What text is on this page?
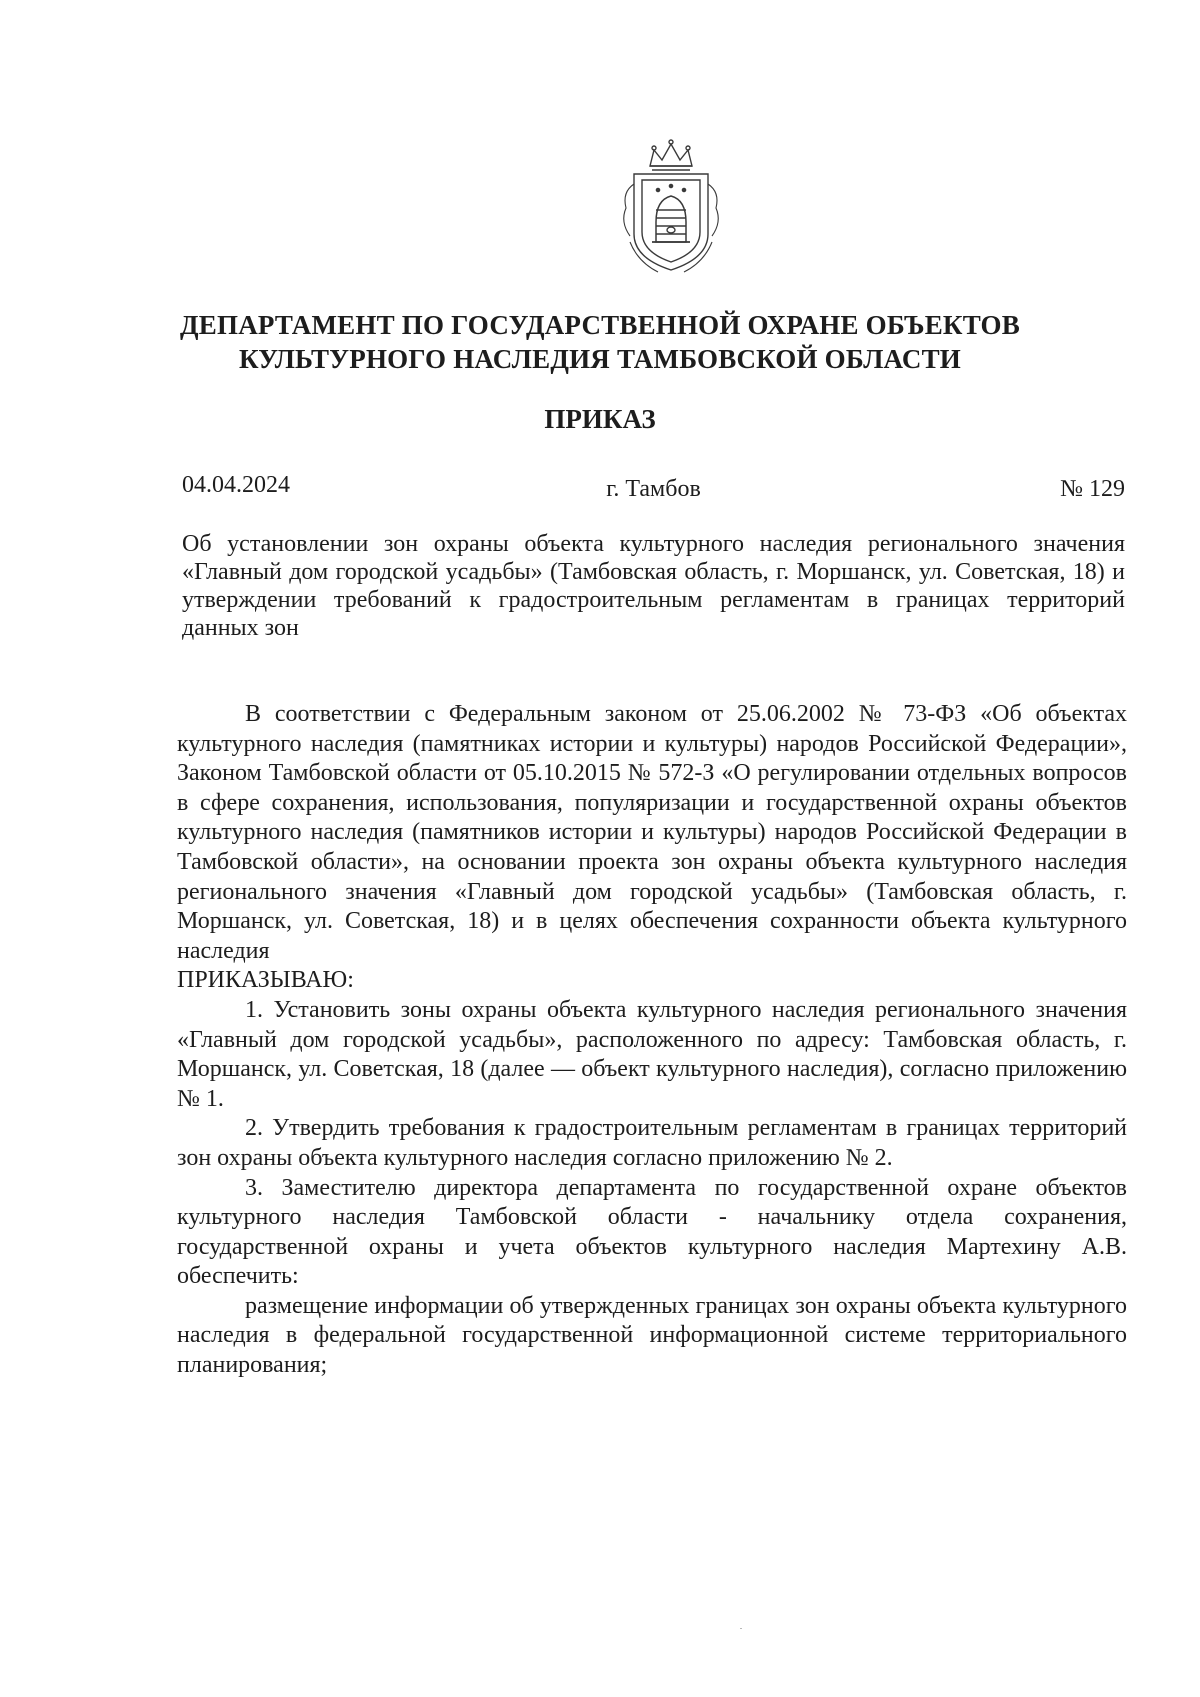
ДЕПАРТАМЕНТ ПО ГОСУДАРСТВЕННОЙ ОХРАНЕ ОБЪЕКТОВ
КУЛЬТУРНОГО НАСЛЕДИЯ ТАМБОВСКОЙ ОБЛАСТИ
ПРИКАЗ
г. Тамбов
04.04.2024	№ 129
Об установлении зон охраны объекта культурного наследия регионального значения «Главный дом городской усадьбы» (Тамбовская область, г. Моршанск, ул. Советская, 18) и утверждении требований к градостроительным регламентам в границах территорий данных зон

В соответствии с Федеральным законом от 25.06.2002 № 73-ФЗ «Об объектах культурного наследия (памятниках истории и культуры) народов Российской Федерации», Законом Тамбовской области от 05.10.2015 № 572-З «О регулировании отдельных вопросов в сфере сохранения, использования, популяризации и государственной охраны объектов культурного наследия (памятников истории и культуры) народов Российской Федерации в Тамбовской области», на основании проекта зон охраны объекта культурного наследия регионального значения «Главный дом городской усадьбы» (Тамбовская область, г. Моршанск, ул. Советская, 18) и в целях обеспечения сохранности объекта культурного наследия

ПРИКАЗЫВАЮ:

1. Установить зоны охраны объекта культурного наследия регионального значения «Главный дом городской усадьбы», расположенного по адресу: Тамбовская область, г. Моршанск, ул. Советская, 18 (далее — объект культурного наследия), согласно приложению № 1.

2. Утвердить требования к градостроительным регламентам в границах территорий зон охраны объекта культурного наследия согласно приложению № 2.

3. Заместителю директора департамента по государственной охране объектов культурного наследия Тамбовской области - начальнику отдела сохранения, государственной охраны и учета объектов культурного наследия Мартехину А.В. обеспечить:

размещение информации об утвержденных границах зон охраны объекта культурного наследия в федеральной государственной информационной системе территориального планирования;
